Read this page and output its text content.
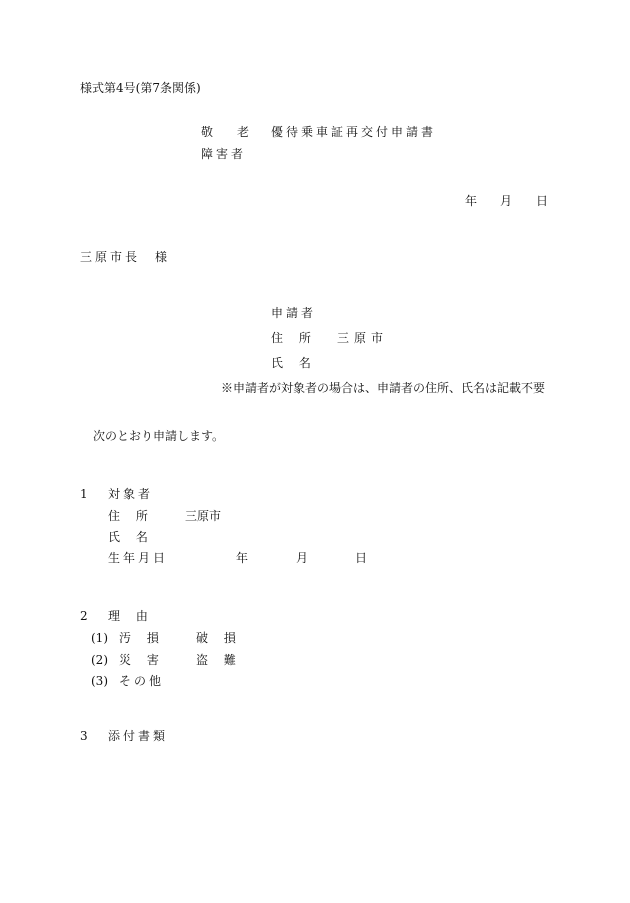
様式第4号(第7条関係)
敬　　老 優待乗車証再交付申請書
障害者
年 月 日
三原市長　様
申請者
住　 所 三原市
氏　 名
※申請者が対象者の場合は、申請者の住所、氏名は記載不要
次のとおり申請します。
1 対象者
住　 所	三原市
氏　 名
生年月日	年	月	日
2 理　 由
(1) 汚　 損	破　 損
(2) 災　 害	盗　 難
(3) その他
3 添付書類
